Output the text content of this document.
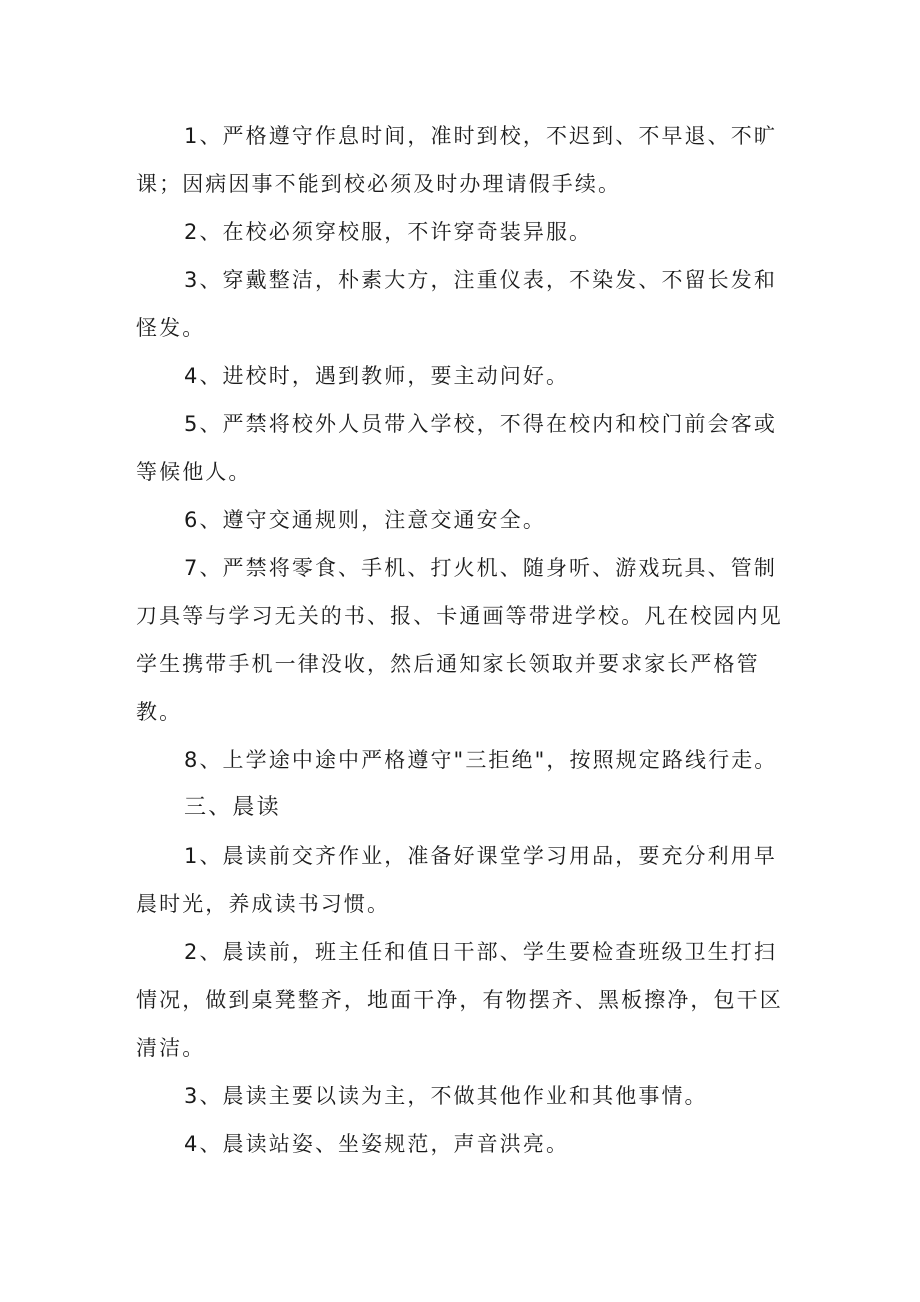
1、严格遵守作息时间，准时到校，不迟到、不早退、不旷课；因病因事不能到校必须及时办理请假手续。

2、在校必须穿校服，不许穿奇装异服。

3、穿戴整洁，朴素大方，注重仪表，不染发、不留长发和怪发。

4、进校时，遇到教师，要主动问好。

5、严禁将校外人员带入学校，不得在校内和校门前会客或等候他人。

6、遵守交通规则，注意交通安全。

7、严禁将零食、手机、打火机、随身听、游戏玩具、管制刀具等与学习无关的书、报、卡通画等带进学校。凡在校园内见学生携带手机一律没收，然后通知家长领取并要求家长严格管教。

8、上学途中途中严格遵守"三拒绝"，按照规定路线行走。

三、晨读

1、晨读前交齐作业，准备好课堂学习用品，要充分利用早晨时光，养成读书习惯。

2、晨读前，班主任和值日干部、学生要检查班级卫生打扫情况，做到桌凳整齐，地面干净，有物摆齐、黑板擦净，包干区清洁。

3、晨读主要以读为主，不做其他作业和其他事情。

4、晨读站姿、坐姿规范，声音洪亮。
